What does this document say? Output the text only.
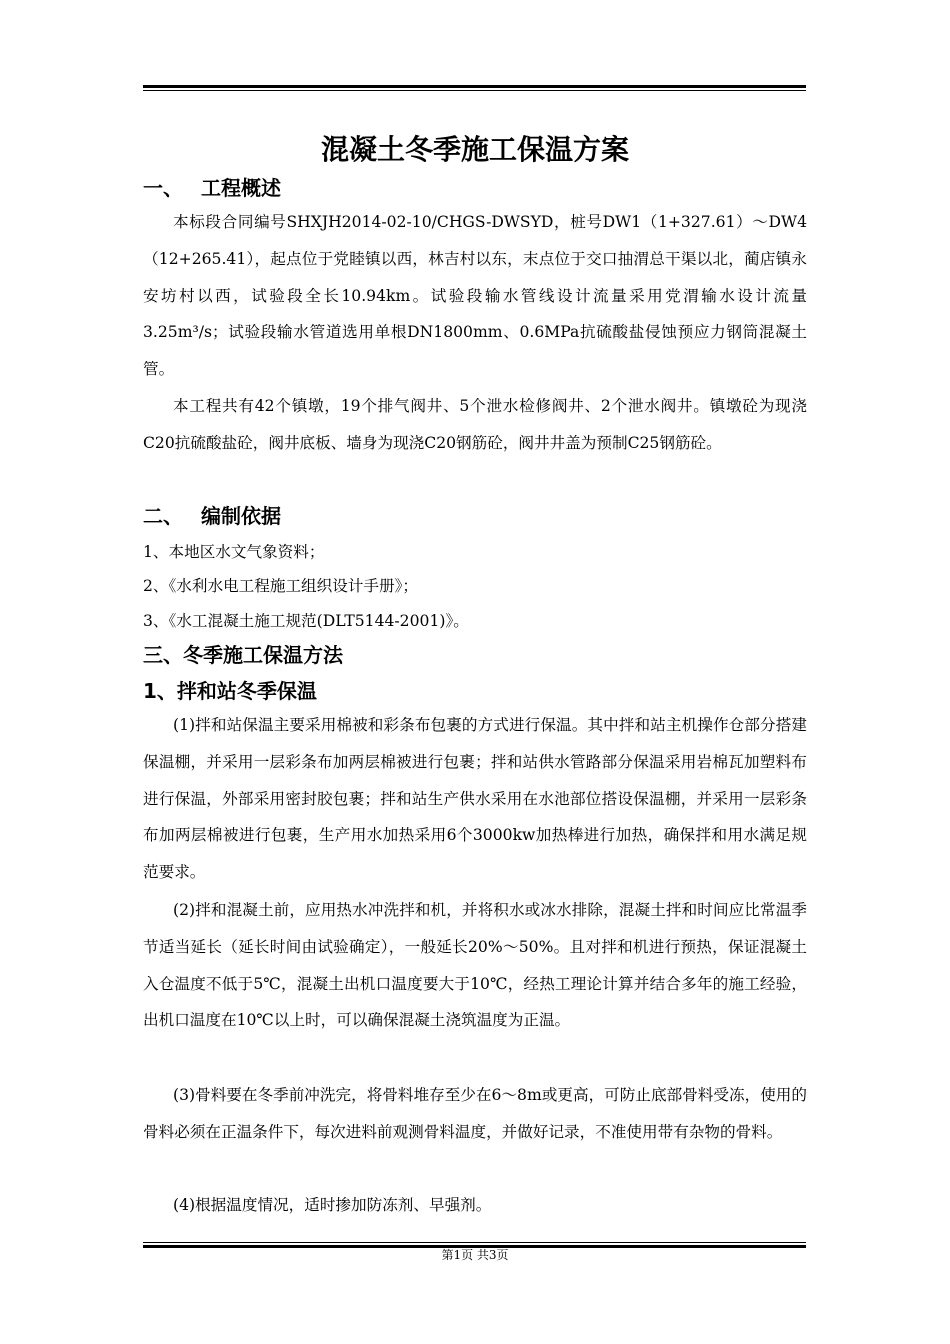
混凝土冬季施工保温方案
一、 工程概述

本标段合同编号SHXJH2014-02-10/CHGS-DWSYD，桩号DW1（1+327.61）～DW4（12+265.41），起点位于党睦镇以西，林吉村以东，末点位于交口抽渭总干渠以北，蔺店镇永安坊村以西，试验段全长10.94km。试验段输水管线设计流量采用党渭输水设计流量3.25m³/s；试验段输水管道选用单根DN1800mm、0.6MPa抗硫酸盐侵蚀预应力钢筒混凝土管。

本工程共有42个镇墩，19个排气阀井、5个泄水检修阀井、2个泄水阀井。镇墩砼为现浇C20抗硫酸盐砼，阀井底板、墙身为现浇C20钢筋砼，阀井井盖为预制C25钢筋砼。

二、 编制依据
1、本地区水文气象资料；
2、《水利水电工程施工组织设计手册》；
3、《水工混凝土施工规范(DLT5144-2001)》。
三、冬季施工保温方法
1、拌和站冬季保温

(1)拌和站保温主要采用棉被和彩条布包裹的方式进行保温。其中拌和站主机操作仓部分搭建保温棚，并采用一层彩条布加两层棉被进行包裹；拌和站供水管路部分保温采用岩棉瓦加塑料布进行保温，外部采用密封胶包裹；拌和站生产供水采用在水池部位搭设保温棚，并采用一层彩条布加两层棉被进行包裹，生产用水加热采用6个3000kw加热棒进行加热，确保拌和用水满足规范要求。

(2)拌和混凝土前，应用热水冲洗拌和机，并将积水或冰水排除，混凝土拌和时间应比常温季节适当延长（延长时间由试验确定），一般延长20%～50%。且对拌和机进行预热，保证混凝土入仓温度不低于5℃，混凝土出机口温度要大于10℃，经热工理论计算并结合多年的施工经验，出机口温度在10℃以上时，可以确保混凝土浇筑温度为正温。

(3)骨料要在冬季前冲洗完，将骨料堆存至少在6～8m或更高，可防止底部骨料受冻，使用的骨料必须在正温条件下，每次进料前观测骨料温度，并做好记录，不准使用带有杂物的骨料。

(4)根据温度情况，适时掺加防冻剂、早强剂。

第1页 共3页
